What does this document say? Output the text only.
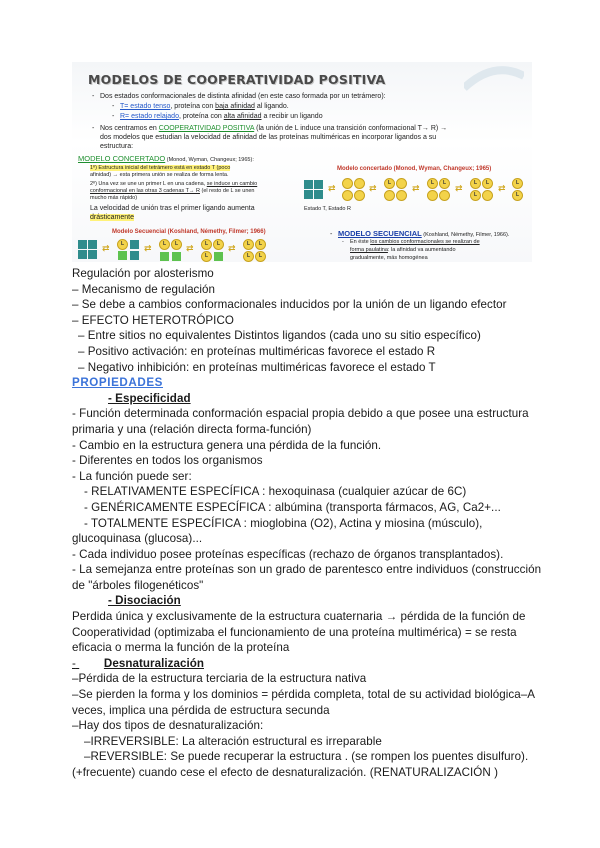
MODELOS DE COOPERATIVIDAD POSITIVA
- Dos estados conformacionales de distinta afinidad (en este caso formada por un tetrámero):
- T= estado tenso, proteína con baja afinidad al ligando.
- R= estado relajado, proteína con alta afinidad a recibir un ligando
- Nos centramos en COOPERATIVIDAD POSITIVA (la unión de L induce una transición conformacional T→ R) →
dos modelos que estudian la velocidad de afinidad de las proteínas multiméricas en incorporar ligandos a su
estructura:
MODELO CONCERTADO (Monod, Wyman, Changeux; 1965):
1º) Estructura inicial del tetrámero está en estado T (poco
afinidad) → esta primera unión se realiza de forma lenta.
2º) Una vez se une un primer L en una cadena, se induce un cambio
conformacional en las otras 3 cadenas T→ R (el resto de L se unen
mucho más rápido)
La velocidad de unión tras el primer ligando aumenta
drásticamente
Modelo concertado (Monod, Wyman, Changeux; 1965)
⇄	⇄	L	⇄	L	L ⇄	L	L
L
⇄	L
L
Estado T, Estado R
Modelo Secuencial (Koshland, Némethy, Filmer; 1966)
⇄	L	⇄	L	L ⇄	L	L
L
⇄	L	L
L	L
- MODELO SECUENCIAL (Koshland, Némethy, Filmer, 1966).
- En éste los cambios conformacionales se realizan de
forma paulatina: la afinidad va aumentando
gradualmente, más homogénea
Regulación por alosterismo
– Mecanismo de regulación
– Se debe a cambios conformacionales inducidos por la unión de un ligando efector
– EFECTO HETEROTRÓPICO
– Entre sitios no equivalentes Distintos ligandos (cada uno su sitio específico)
– Positivo activación: en proteínas multiméricas favorece el estado R
– Negativo inhibición: en proteínas multiméricas favorece el estado T
PROPIEDADES
- Especificidad
- Función determinada conformación espacial propia debido a que posee una estructura
primaria y una (relación directa forma-función)
- Cambio en la estructura genera una pérdida de la función.
- Diferentes en todos los organismos
- La función puede ser:
- RELATIVAMENTE ESPECÍFICA : hexoquinasa (cualquier azúcar de 6C)
- GENÉRICAMENTE ESPECÍFICA : albúmina (transporta fármacos, AG, Ca2+...
- TOTALMENTE ESPECÍFICA : mioglobina (O2), Actina y miosina (músculo),
glucoquinasa (glucosa)...
- Cada individuo posee proteínas específicas (rechazo de órganos transplantados).
- La semejanza entre proteínas son un grado de parentesco entre individuos (construcción
de "árboles filogenéticos"
- Disociación
Perdida única y exclusivamente de la estructura cuaternaria → pérdida de la función de
Cooperatividad (optimizaba el funcionamiento de una proteína multimérica) = se resta
eficacia o merma la función de la proteína
- Desnaturalización
–Pérdida de la estructura terciaria de la estructura nativa
–Se pierden la forma y los dominios = pérdida completa, total de su actividad biológica–A
veces, implica una pérdida de estructura secunda
–Hay dos tipos de desnaturalización:
–IRREVERSIBLE: La alteración estructural es irreparable
–REVERSIBLE: Se puede recuperar la estructura . (se rompen los puentes disulfuro).
(+frecuente) cuando cese el efecto de desnaturalización. (RENATURALIZACIÓN )
